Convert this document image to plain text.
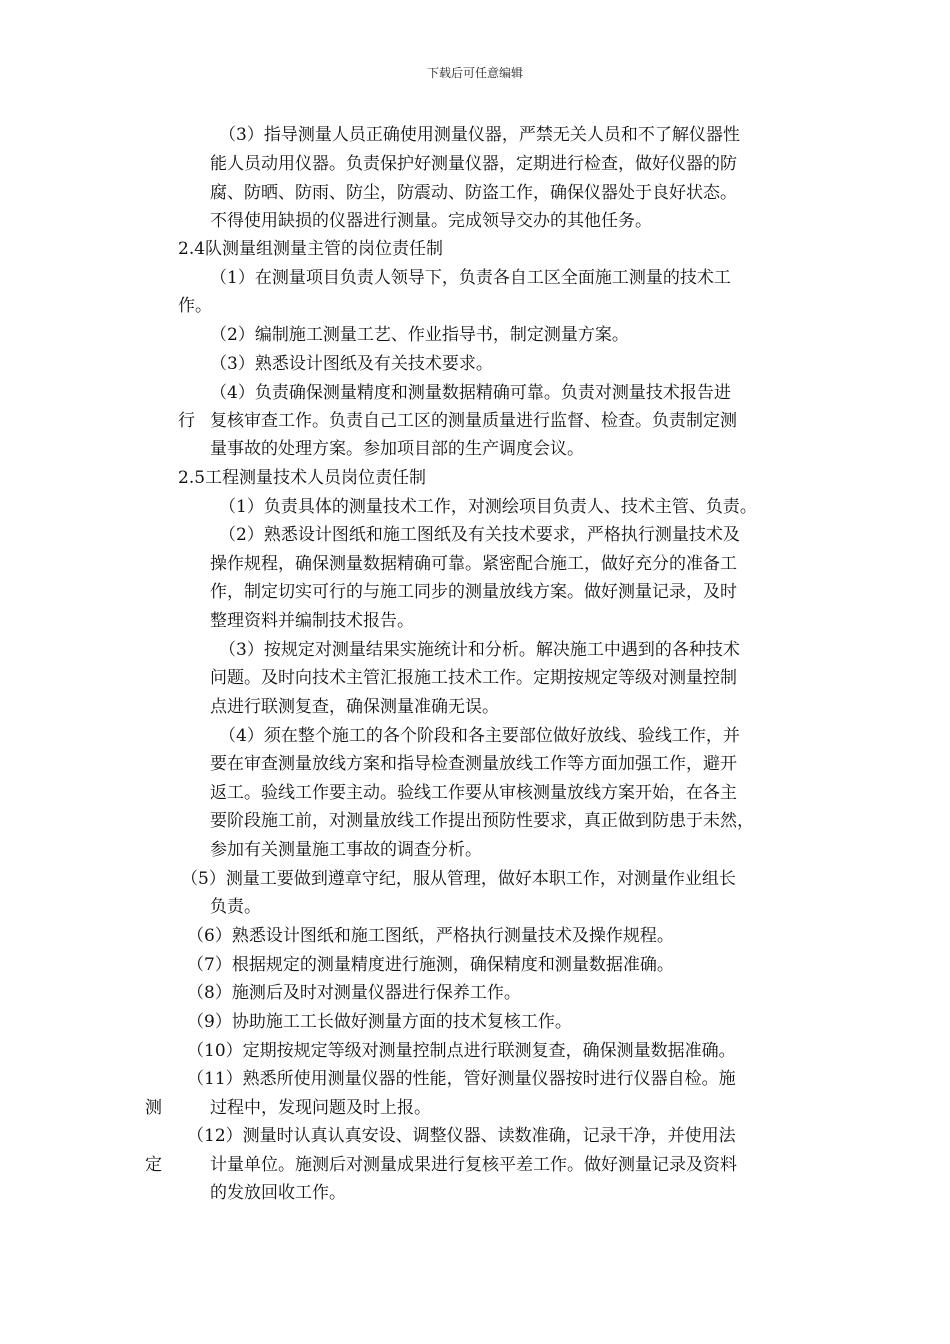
下载后可任意编辑
（3）指导测量人员正确使用测量仪器，严禁无关人员和不了解仪器性
能人员动用仪器。负责保护好测量仪器，定期进行检查，做好仪器的防
腐、防晒、防雨、防尘，防震动、防盗工作，确保仪器处于良好状态。
不得使用缺损的仪器进行测量。完成领导交办的其他任务。
2.4队测量组测量主管的岗位责任制
（1）在测量项目负责人领导下，负责各自工区全面施工测量的技术工
作。
（2）编制施工测量工艺、作业指导书，制定测量方案。
（3）熟悉设计图纸及有关技术要求。
（4）负责确保测量精度和测量数据精确可靠。负责对测量技术报告进
复核审查工作。负责自己工区的测量质量进行监督、检查。负责制定测
量事故的处理方案。参加项目部的生产调度会议。
2.5工程测量技术人员岗位责任制
（1）负责具体的测量技术工作，对测绘项目负责人、技术主管、负责。
（2）熟悉设计图纸和施工图纸及有关技术要求，严格执行测量技术及
操作规程，确保测量数据精确可靠。紧密配合施工，做好充分的准备工
作，制定切实可行的与施工同步的测量放线方案。做好测量记录，及时
整理资料并编制技术报告。
（3）按规定对测量结果实施统计和分析。解决施工中遇到的各种技术
问题。及时向技术主管汇报施工技术工作。定期按规定等级对测量控制
点进行联测复查，确保测量准确无误。
（4）须在整个施工的各个阶段和各主要部位做好放线、验线工作，并
要在审查测量放线方案和指导检查测量放线工作等方面加强工作，避开
返工。验线工作要主动。验线工作要从审核测量放线方案开始，在各主
要阶段施工前，对测量放线工作提出预防性要求，真正做到防患于未然，
参加有关测量施工事故的调查分析。
（5）测量工要做到遵章守纪，服从管理，做好本职工作，对测量作业组长
负责。
（6）熟悉设计图纸和施工图纸，严格执行测量技术及操作规程。
（7）根据规定的测量精度进行施测，确保精度和测量数据准确。
（8）施测后及时对测量仪器进行保养工作。
（9）协助施工工长做好测量方面的技术复核工作。
（10）定期按规定等级对测量控制点进行联测复查，确保测量数据准确。
（11）熟悉所使用测量仪器的性能，管好测量仪器按时进行仪器自检。施
过程中，发现问题及时上报。
（12）测量时认真认真安设、调整仪器、读数准确，记录干净，并使用法
计量单位。施测后对测量成果进行复核平差工作。做好测量记录及资料
的发放回收工作。
行
测
定
